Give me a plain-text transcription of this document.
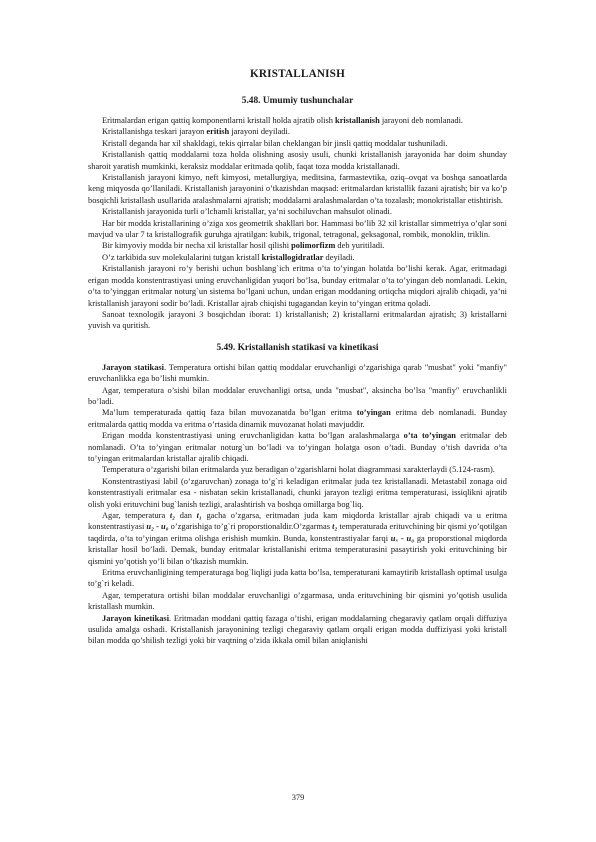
KRISTALLANISH
5.48. Umumiy tushunchalar

Eritmalardan erigan qattiq komponentlarni kristall holda ajratib olish kristallanish jarayoni deb nomlanadi.

Kristallanishga teskari jarayon eritish jarayoni deyiladi.

Kristall deganda har xil shakldagi, tekis qirralar bilan cheklangan bir jinsli qattiq moddalar tushuniladi.

Kristallanish qattiq moddalarni toza holda olishning asosiy usuli, chunki kristallanish jarayonida har doim shunday sharoit yaratish mumkinki, keraksiz moddalar eritmada qolib, faqat toza modda kristallanadi.

Kristallanish jarayoni kimyo, neft kimyosi, metallurgiya, meditsina, farmastevtika, oziq–ovqat va boshqa sanoatlarda keng miqyosda qo’llaniladi. Kristallanish jarayonini o’tkazishdan maqsad: eritmalardan kristallik fazani ajratish; bir va ko’p bosqichli kristallash usullarida aralashmalarni ajratish; moddalarni aralashmalardan o’ta tozalash; monokristallar etishtirish.

Kristallanish jarayonida turli o’lchamli kristallar, ya’ni sochiluvchan mahsulot olinadi.

Har bir modda kristallarining o’ziga xos geometrik shakllari bor. Hammasi bo’lib 32 xil kristallar simmetriya o’qlar soni mavjud va ular 7 ta kristallografik guruhga ajratilgan: kubik, trigonal, tetragonal, geksagonal, rombik, monoklin, triklin.

Bir kimyoviy modda bir necha xil kristallar hosil qilishi polimorfizm deb yuritiladi.

O’z tarkibida suv molekulalarini tutgan kristall kristallogidratlar deyiladi.

Kristallanish jarayoni ro’y berishi uchun boshlang`ich eritma o’ta to’yingan holatda bo’lishi kerak. Agar, eritmadagi erigan modda konstentrastiyasi uning eruvchanligidan yuqori bo’lsa, bunday eritmalar o’ta to’yingan deb nomlanadi. Lekin, o’ta to’yinggan eritmalar noturg`un sistema bo’lgani uchun, undan erigan moddaning ortiqcha miqdori ajralib chiqadi, ya’ni kristallanish jarayoni sodir bo’ladi. Kristallar ajrab chiqishi tugagandan keyin to’yingan eritma qoladi.

Sanoat texnologik jarayoni 3 bosqichdan iborat: 1) kristallanish; 2) kristallarni eritmalardan ajratish; 3) kristallarni yuvish va quritish.

5.49. Kristallanish statikasi va kinetikasi

Jarayon statikasi. Temperatura ortishi bilan qattiq moddalar eruvchanligi o’zgarishiga qarab "musbat" yoki "manfiy" eruvchanlikka ega bo’lishi mumkin.

Agar, temperatura o’sishi bilan moddalar eruvchanligi ortsa, unda "musbat", aksincha bo’lsa "manfiy" eruvchanlikli bo’ladi.

Ma’lum temperaturada qattiq faza bilan muvozanatda bo’lgan eritma to’yingan eritma deb nomlanadi. Bunday eritmalarda qattiq modda va eritma o’rtasida dinamik muvozanat holati mavjuddir.

Erigan modda konstentrastiyasi uning eruvchanligidan katta bo’lgan aralashmalarga o’ta to’yingan eritmalar deb nomlanadi. O’ta to’yingan eritmalar noturg`un bo’ladi va to’yingan holatga oson o’tadi. Bunday o’tish davrida o’ta to’yingan eritmalardan kristallar ajralib chiqadi.

Temperatura o’zgarishi bilan eritmalarda yuz beradigan o’zgarishlarni holat diagrammasi xarakterlaydi (5.124-rasm).

Konstentrastiyasi labil (o’zgaruvchan) zonaga to’g`ri keladigan eritmalar juda tez kristallanadi. Metastabil zonaga oid konstentrastiyali eritmalar esa - nisbatan sekin kristallanadi, chunki jarayon tezligi eritma temperaturasi, issiqlikni ajratib olish yoki erituvchini bug`lanish tezligi, aralashtirish va boshqa omillarga bog`liq.

Agar, temperatura t₂ dan t₁ gacha o’zgarsa, eritmadan juda kam miqdorda kristallar ajrab chiqadi va u eritma konstentrastiyasi u₂ - u₀ o’zgarishiga to’g`ri proporstionaldir.O’zgarmas t₂ temperaturada erituvchining bir qismi yo’qotilgan taqdirda, o’ta to’yingan eritma olishga erishish mumkin. Bunda, konstentrastiyalar farqi uₓ - u₀ ga proporstional miqdorda kristallar hosil bo’ladi. Demak, bunday eritmalar kristallanishi eritma temperaturasini pasaytirish yoki erituvchining bir qismini yo’qotish yo’li bilan o’tkazish mumkin.

Eritma eruvchanligining temperaturaga bog`liqligi juda katta bo’lsa, temperaturani kamaytirib kristallash optimal usulga to’g`ri keladi.

Agar, temperatura ortishi bilan moddalar eruvchanligi o’zgarmasa, unda erituvchining bir qismini yo’qotish usulida kristallash mumkin.

Jarayon kinetikasi. Eritmadan moddani qattiq fazaga o’tishi, erigan moddalarning chegaraviy qatlam orqali diffuziya usulida amalga oshadi. Kristallanish jarayonining tezligi chegaraviy qatlam orqali erigan modda duffiziyasi yoki kristall bilan modda qo’shilish tezligi yoki bir vaqtning o’zida ikkala omil bilan aniqlanishi

379
